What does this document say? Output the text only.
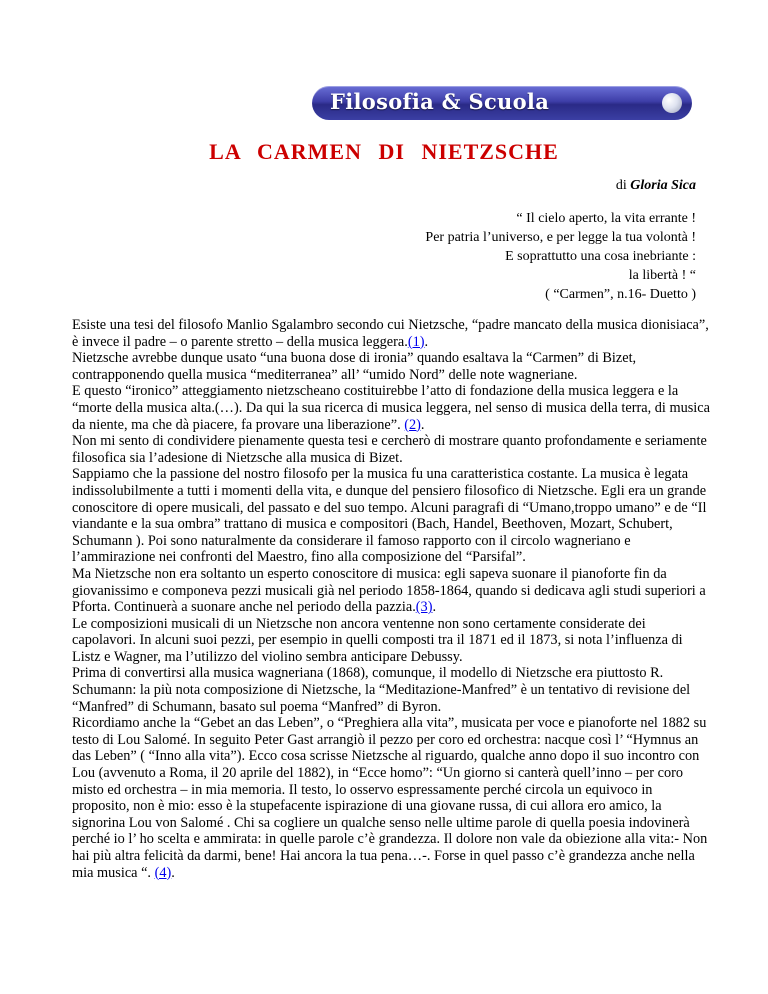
Filosofia & Scuola
LA CARMEN DI NIETZSCHE
di Gloria Sica
“ Il cielo aperto, la vita errante !
Per patria l’universo, e per legge la tua volontà !
E soprattutto una cosa inebriante :
la libertà ! “
( “Carmen”, n.16- Duetto )

Esiste una tesi del filosofo Manlio Sgalambro secondo cui Nietzsche, “padre mancato della musica dionisiaca”, è invece il padre – o parente stretto – della musica leggera.(1).

Nietzsche avrebbe dunque usato “una buona dose di ironia” quando esaltava la “Carmen” di Bizet, contrapponendo quella musica “mediterranea” all’ “umido Nord” delle note wagneriane.

E questo “ironico” atteggiamento nietzscheano costituirebbe l’atto di fondazione della musica leggera e la “morte della musica alta.(…). Da qui la sua ricerca di musica leggera, nel senso di musica della terra, di musica da niente, ma che dà piacere, fa provare una liberazione”. (2).

Non mi sento di condividere pienamente questa tesi e cercherò di mostrare quanto profondamente e seriamente filosofica sia l’adesione di Nietzsche alla musica di Bizet.

Sappiamo che la passione del nostro filosofo per la musica fu una caratteristica costante. La musica è legata indissolubilmente a tutti i momenti della vita, e dunque del pensiero filosofico di Nietzsche. Egli era un grande conoscitore di opere musicali, del passato e del suo tempo. Alcuni paragrafi di “Umano,troppo umano” e de “Il viandante e la sua ombra” trattano di musica e compositori (Bach, Handel, Beethoven, Mozart, Schubert, Schumann ). Poi sono naturalmente da considerare il famoso rapporto con il circolo wagneriano e l’ammirazione nei confronti del Maestro, fino alla composizione del “Parsifal”.

Ma Nietzsche non era soltanto un esperto conoscitore di musica: egli sapeva suonare il pianoforte fin da giovanissimo e componeva pezzi musicali già nel periodo 1858-1864, quando si dedicava agli studi superiori a Pforta. Continuerà a suonare anche nel periodo della pazzia.(3).

Le composizioni musicali di un Nietzsche non ancora ventenne non sono certamente considerate dei capolavori. In alcuni suoi pezzi, per esempio in quelli composti tra il 1871 ed il 1873, si nota l’influenza di Listz e Wagner, ma l’utilizzo del violino sembra anticipare Debussy.

Prima di convertirsi alla musica wagneriana (1868), comunque, il modello di Nietzsche era piuttosto R. Schumann: la più nota composizione di Nietzsche, la “Meditazione-Manfred” è un tentativo di revisione del “Manfred” di Schumann, basato sul poema “Manfred” di Byron.

Ricordiamo anche la “Gebet an das Leben”, o “Preghiera alla vita”, musicata per voce e pianoforte nel 1882 su testo di Lou Salomé. In seguito Peter Gast arrangiò il pezzo per coro ed orchestra: nacque così l’ “Hymnus an das Leben” ( “Inno alla vita”). Ecco cosa scrisse Nietzsche al riguardo, qualche anno dopo il suo incontro con Lou (avvenuto a Roma, il 20 aprile del 1882), in “Ecce homo”: “Un giorno si canterà quell’inno – per coro misto ed orchestra – in mia memoria. Il testo, lo osservo espressamente perché circola un equivoco in proposito, non è mio: esso è la stupefacente ispirazione di una giovane russa, di cui allora ero amico, la signorina Lou von Salomé . Chi sa cogliere un qualche senso nelle ultime parole di quella poesia indovinerà perché io l’ ho scelta e ammirata: in quelle parole c’è grandezza. Il dolore non vale da obiezione alla vita:- Non hai più altra felicità da darmi, bene! Hai ancora la tua pena…-. Forse in quel passo c’è grandezza anche nella mia musica “. (4).
